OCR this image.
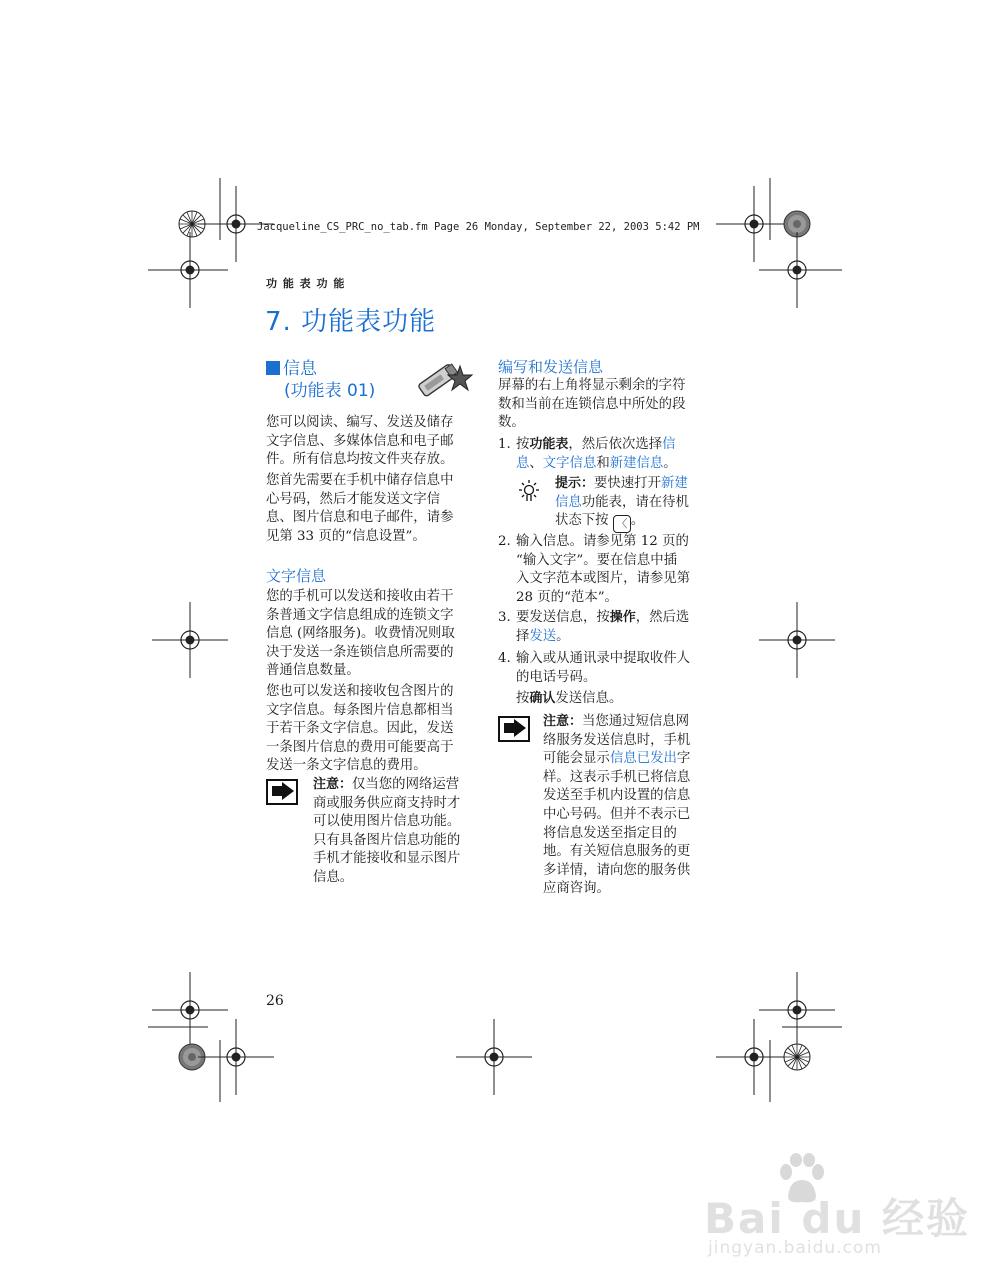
Jacqueline_CS_PRC_no_tab.fm Page 26 Monday, September 22, 2003 5:42 PM
功 能 表 功 能
7. 功能表功能
信息
(功能表 01)
您可以阅读、编写、发送及储存
文字信息、多媒体信息和电子邮
件。所有信息均按文件夹存放。
您首先需要在手机中储存信息中
心号码，然后才能发送文字信
息、图片信息和电子邮件，请参
见第 33 页的“信息设置”。
文字信息
您的手机可以发送和接收由若干
条普通文字信息组成的连锁文字
信息 (网络服务)。收费情况则取
决于发送一条连锁信息所需要的
普通信息数量。
您也可以发送和接收包含图片的
文字信息。每条图片信息都相当
于若干条文字信息。因此，发送
一条图片信息的费用可能要高于
发送一条文字信息的费用。
注意：仅当您的网络运营
商或服务供应商支持时才
可以使用图片信息功能。
只有具备图片信息功能的
手机才能接收和显示图片
信息。
编写和发送信息
屏幕的右上角将显示剩余的字符
数和当前在连锁信息中所处的段
数。
1. 按功能表，然后依次选择信
息、文字信息和新建信息。
提示：要快速打开新建
信息功能表，请在待机
状态下按 〈 。
2. 输入信息。请参见第 12 页的
“输入文字”。要在信息中插
入文字范本或图片，请参见第
28 页的“范本”。
3. 要发送信息，按操作，然后选
择发送。
4. 输入或从通讯录中提取收件人
的电话号码。
按确认发送信息。
注意：当您通过短信息网
络服务发送信息时，手机
可能会显示信息已发出字
样。这表示手机已将信息
发送至手机内设置的信息
中心号码。但并不表示已
将信息发送至指定目的
地。有关短信息服务的更
多详情，请向您的服务供
应商咨询。
26
Bai du 经验
jingyan.baidu.com
